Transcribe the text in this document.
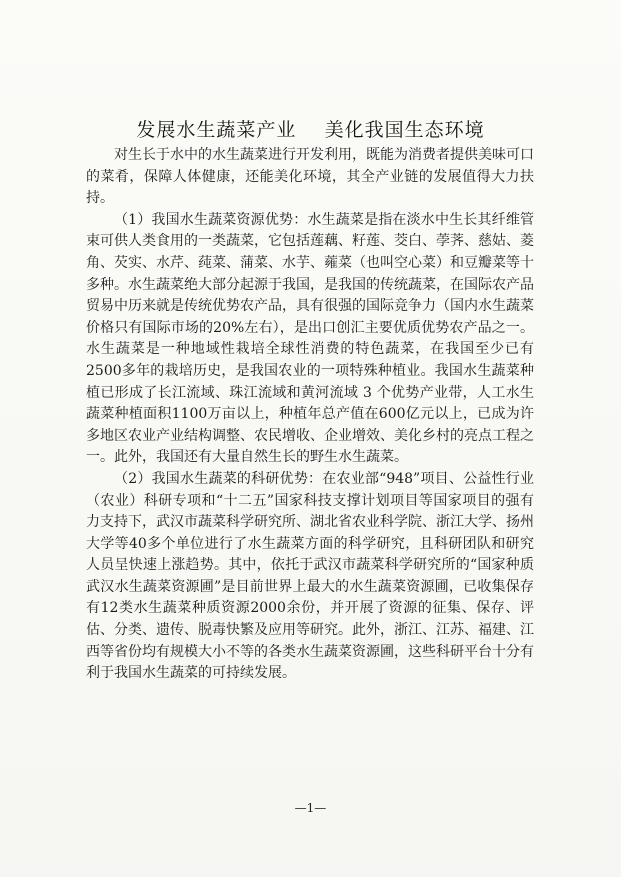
发展水生蔬菜产业    美化我国生态环境

对生长于水中的水生蔬菜进行开发利用，既能为消费者提供美味可口的菜肴，保障人体健康，还能美化环境，其全产业链的发展值得大力扶持。

（1）我国水生蔬菜资源优势：水生蔬菜是指在淡水中生长其纤维管束可供人类食用的一类蔬菜，它包括莲藕、籽莲、茭白、荸荠、慈姑、菱角、芡实、水芹、莼菜、蒲菜、水芋、蕹菜（也叫空心菜）和豆瓣菜等十多种。水生蔬菜绝大部分起源于我国，是我国的传统蔬菜，在国际农产品贸易中历来就是传统优势农产品，具有很强的国际竞争力（国内水生蔬菜价格只有国际市场的20%左右），是出口创汇主要优质优势农产品之一。水生蔬菜是一种地域性栽培全球性消费的特色蔬菜，在我国至少已有2500多年的栽培历史，是我国农业的一项特殊种植业。我国水生蔬菜种植已形成了长江流域、珠江流域和黄河流域 3 个优势产业带，人工水生蔬菜种植面积1100万亩以上，种植年总产值在600亿元以上，已成为许多地区农业产业结构调整、农民增收、企业增效、美化乡村的亮点工程之一。此外，我国还有大量自然生长的野生水生蔬菜。

（2）我国水生蔬菜的科研优势：在农业部“948”项目、公益性行业（农业）科研专项和“十二五”国家科技支撑计划项目等国家项目的强有力支持下，武汉市蔬菜科学研究所、湖北省农业科学院、浙江大学、扬州大学等40多个单位进行了水生蔬菜方面的科学研究，且科研团队和研究人员呈快速上涨趋势。其中，依托于武汉市蔬菜科学研究所的“国家种质武汉水生蔬菜资源圃”是目前世界上最大的水生蔬菜资源圃，已收集保存有12类水生蔬菜种质资源2000余份，并开展了资源的征集、保存、评估、分类、遗传、脱毒快繁及应用等研究。此外，浙江、江苏、福建、江西等省份均有规模大小不等的各类水生蔬菜资源圃，这些科研平台十分有利于我国水生蔬菜的可持续发展。

—1—
